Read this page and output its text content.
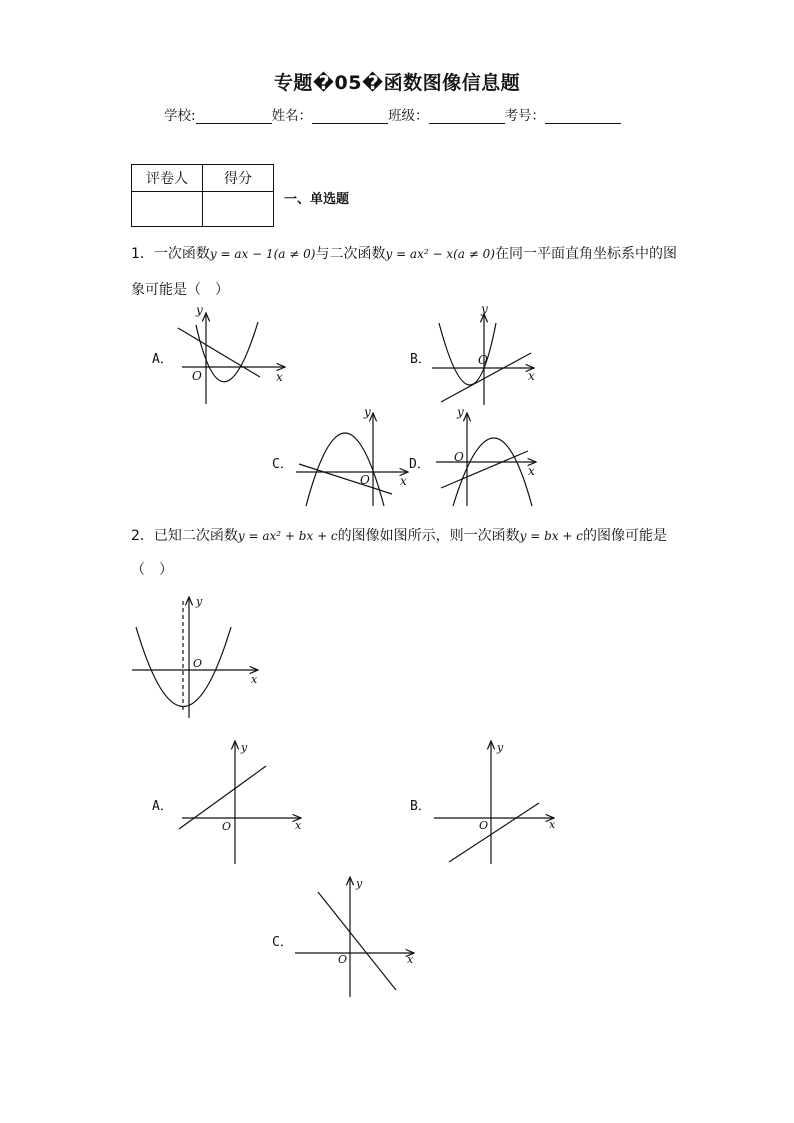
专题�05�函数图像信息题
学校:	姓名：	班级：	考号：
评卷人	得分

一、单选题
1．一次函数y = ax − 1(a ≠ 0)与二次函数y = ax² − x(a ≠ 0)在同一平面直角坐标系中的图
象可能是（　）
A．	B．
C．	D．
x
y
O	x
y
O
x
y
O
x
y
O
x
y
O
x
y
O	x
y
O
x
y
O
2．已知二次函数y = ax² + bx + c的图像如图所示，则一次函数y = bx + c的图像可能是
（　）
A．	B．
C．
